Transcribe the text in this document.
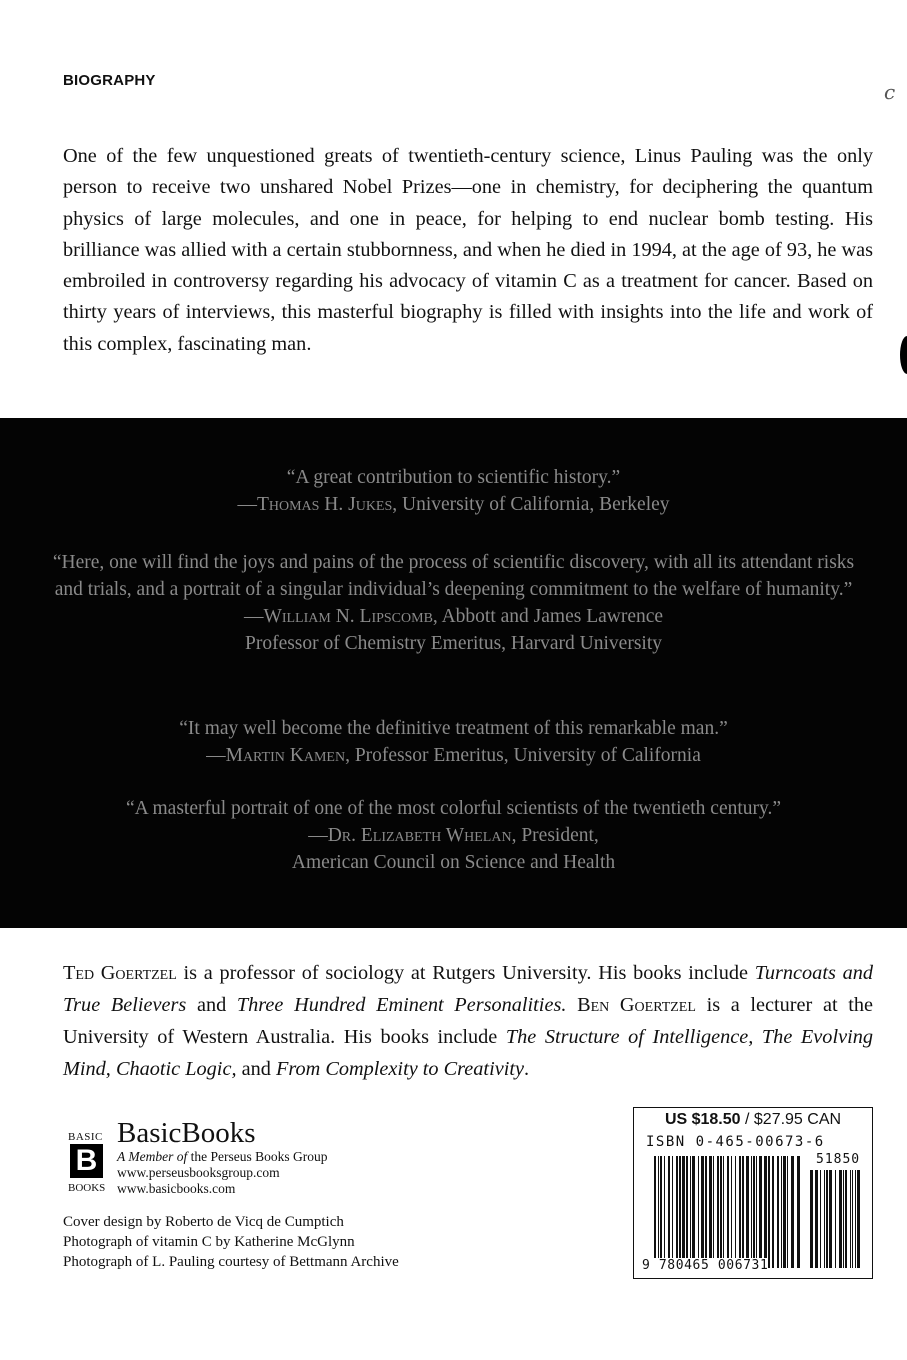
BIOGRAPHY	c

One of the few unquestioned greats of twentieth-century science, Linus Pauling was the only person to receive two unshared Nobel Prizes—one in chemistry, for deciphering the quantum physics of large molecules, and one in peace, for helping to end nuclear bomb testing. His brilliance was allied with a certain stubbornness, and when he died in 1994, at the age of 93, he was embroiled in controversy regarding his advocacy of vitamin C as a treatment for cancer. Based on thirty years of interviews, this masterful biography is filled with insights into the life and work of this complex, fascinating man.

“A great contribution to scientific history.”
—Thomas H. Jukes, University of California, Berkeley
“Here, one will find the joys and pains of the process of scientific discovery, with all its attendant risks and trials, and a portrait of a singular individual’s deepening commitment to the welfare of humanity.”
—William N. Lipscomb, Abbott and James Lawrence
Professor of Chemistry Emeritus, Harvard University
“It may well become the definitive treatment of this remarkable man.”
—Martin Kamen, Professor Emeritus, University of California
“A masterful portrait of one of the most colorful scientists of the twentieth century.”
—Dr. Elizabeth Whelan, President,
American Council on Science and Health

Ted Goertzel is a professor of sociology at Rutgers University. His books include Turncoats and True Believers and Three Hundred Eminent Personalities. Ben Goertzel is a lecturer at the University of Western Australia. His books include The Structure of Intelligence, The Evolving Mind, Chaotic Logic, and From Complexity to Creativity.

BASIC
B
BOOKS
BasicBooks
A Member of the Perseus Books Group
www.perseusbooksgroup.com
www.basicbooks.com
Cover design by Roberto de Vicq de Cumptich
Photograph of vitamin C by Katherine McGlynn
Photograph of L. Pauling courtesy of Bettmann Archive
US $18.50 / $27.95 CAN
ISBN 0-465-00673-6
51850
9 780465 006731
